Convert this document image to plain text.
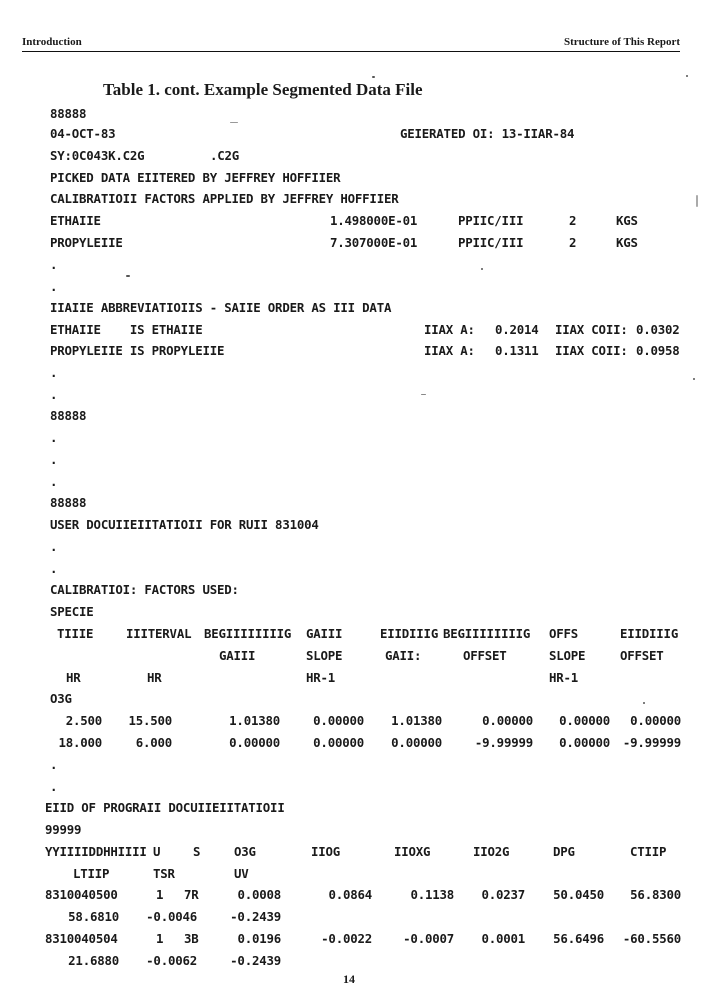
Introduction	Structure of This Report
Table 1. cont. Example Segmented Data File
88888
04-OCT-83	GEIERATED OI: 13-IIAR-84
SY:0C043K.C2G	.C2G
PICKED DATA EIITERED BY JEFFREY HOFFIIER
CALIBRATIOII FACTORS APPLIED BY JEFFREY HOFFIIER
ETHAIIE	1.498000E-01	PPIIC/III	2	KGS
PROPYLEIIE	7.307000E-01	PPIIC/III	2	KGS
.
.
IIAIIE ABBREVIATIOIIS - SAIIE ORDER AS III DATA
ETHAIIE    IS ETHAIIE	IIAX A: 0.2014 IIAX COII: 0.0302
PROPYLEIIE IS PROPYLEIIE	IIAX A: 0.1311 IIAX COII: 0.0958
.
.
88888
.
.
.
88888
USER DOCUIIEIITATIOII FOR RUII 831004
.
.
CALIBRATIOI: FACTORS USED:
SPECIE
TIIIE	IIITERVAL BEGIIIIIIIIG GAIII	EIIDIIIG BEGIIIIIIIIG OFFS	EIIDIIIG
GAIII	SLOPE	GAII:	OFFSET	SLOPE	OFFSET
HR	HR	HR-1	HR-1
O3G
2.500 15.500	1.01380	0.00000 1.01380	0.00000 0.00000 0.00000
18.000	6.000	0.00000	0.00000 0.00000	-9.99999 0.00000 -9.99999
.
.
EIID OF PROGRAII DOCUIIEIITATIOII
99999
YYIIIIDDHHIIII U	S	O3G	IIOG	IIOXG	IIO2G	DPG	CTIIP
LTIIP	TSR	UV
8310040500	1 7R	0.0008	0.0864	0.1138 0.0237 50.0450 56.8300
58.6810 -0.0046	-0.2439
8310040504	1 3B	0.0196	-0.0022	-0.0007 0.0001 56.6496 -60.5560
21.6880 -0.0062	-0.2439
14
